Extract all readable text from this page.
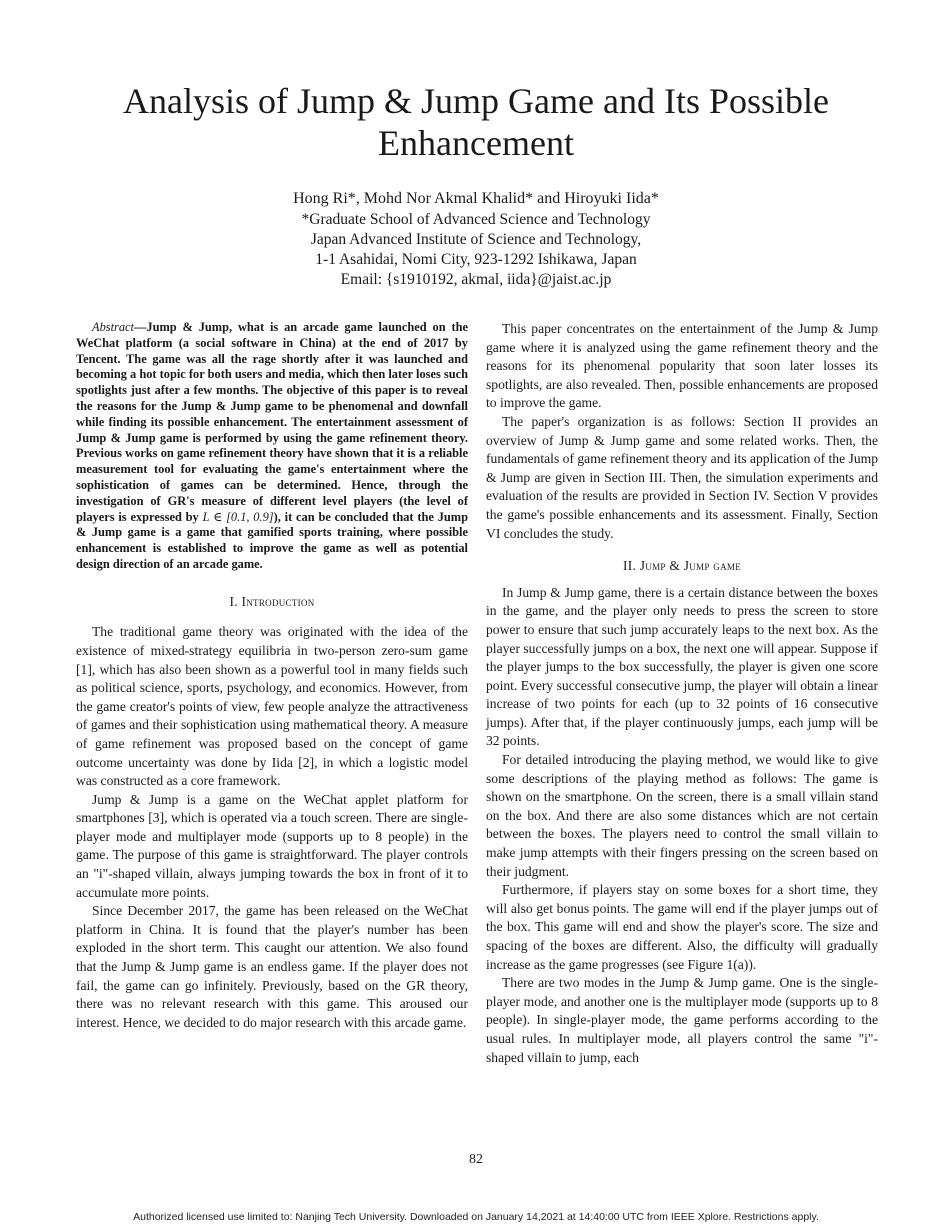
Analysis of Jump & Jump Game and Its Possible Enhancement
Hong Ri*, Mohd Nor Akmal Khalid* and Hiroyuki Iida*
*Graduate School of Advanced Science and Technology
Japan Advanced Institute of Science and Technology,
1-1 Asahidai, Nomi City, 923-1292 Ishikawa, Japan
Email: {s1910192, akmal, iida}@jaist.ac.jp

Abstract—Jump & Jump, what is an arcade game launched on the WeChat platform (a social software in China) at the end of 2017 by Tencent. The game was all the rage shortly after it was launched and becoming a hot topic for both users and media, which then later loses such spotlights just after a few months. The objective of this paper is to reveal the reasons for the Jump & Jump game to be phenomenal and downfall while finding its possible enhancement. The entertainment assessment of Jump & Jump game is performed by using the game refinement theory. Previous works on game refinement theory have shown that it is a reliable measurement tool for evaluating the game's entertainment where the sophistication of games can be determined. Hence, through the investigation of GR's measure of different level players (the level of players is expressed by L ∈ [0.1, 0.9]), it can be concluded that the Jump & Jump game is a game that gamified sports training, where possible enhancement is established to improve the game as well as potential design direction of an arcade game.

I. Introduction

The traditional game theory was originated with the idea of the existence of mixed-strategy equilibria in two-person zero-sum game [1], which has also been shown as a powerful tool in many fields such as political science, sports, psychology, and economics. However, from the game creator's points of view, few people analyze the attractiveness of games and their sophistication using mathematical theory. A measure of game refinement was proposed based on the concept of game outcome uncertainty was done by Iida [2], in which a logistic model was constructed as a core framework.

Jump & Jump is a game on the WeChat applet platform for smartphones [3], which is operated via a touch screen. There are single-player mode and multiplayer mode (supports up to 8 people) in the game. The purpose of this game is straightforward. The player controls an "i"-shaped villain, always jumping towards the box in front of it to accumulate more points.

Since December 2017, the game has been released on the WeChat platform in China. It is found that the player's number has been exploded in the short term. This caught our attention. We also found that the Jump & Jump game is an endless game. If the player does not fail, the game can go infinitely. Previously, based on the GR theory, there was no relevant research with this game. This aroused our interest. Hence, we decided to do major research with this arcade game.

This paper concentrates on the entertainment of the Jump & Jump game where it is analyzed using the game refinement theory and the reasons for its phenomenal popularity that soon later losses its spotlights, are also revealed. Then, possible enhancements are proposed to improve the game.

The paper's organization is as follows: Section II provides an overview of Jump & Jump game and some related works. Then, the fundamentals of game refinement theory and its application of the Jump & Jump are given in Section III. Then, the simulation experiments and evaluation of the results are provided in Section IV. Section V provides the game's possible enhancements and its assessment. Finally, Section VI concludes the study.

II. Jump & Jump game

In Jump & Jump game, there is a certain distance between the boxes in the game, and the player only needs to press the screen to store power to ensure that such jump accurately leaps to the next box. As the player successfully jumps on a box, the next one will appear. Suppose if the player jumps to the box successfully, the player is given one score point. Every successful consecutive jump, the player will obtain a linear increase of two points for each (up to 32 points of 16 consecutive jumps). After that, if the player continuously jumps, each jump will be 32 points.

For detailed introducing the playing method, we would like to give some descriptions of the playing method as follows: The game is shown on the smartphone. On the screen, there is a small villain stand on the box. And there are also some distances which are not certain between the boxes. The players need to control the small villain to make jump attempts with their fingers pressing on the screen based on their judgment.

Furthermore, if players stay on some boxes for a short time, they will also get bonus points. The game will end if the player jumps out of the box. This game will end and show the player's score. The size and spacing of the boxes are different. Also, the difficulty will gradually increase as the game progresses (see Figure 1(a)).

There are two modes in the Jump & Jump game. One is the single-player mode, and another one is the multiplayer mode (supports up to 8 people). In single-player mode, the game performs according to the usual rules. In multiplayer mode, all players control the same "i"-shaped villain to jump, each

82
Authorized licensed use limited to: Nanjing Tech University. Downloaded on January 14,2021 at 14:40:00 UTC from IEEE Xplore. Restrictions apply.
